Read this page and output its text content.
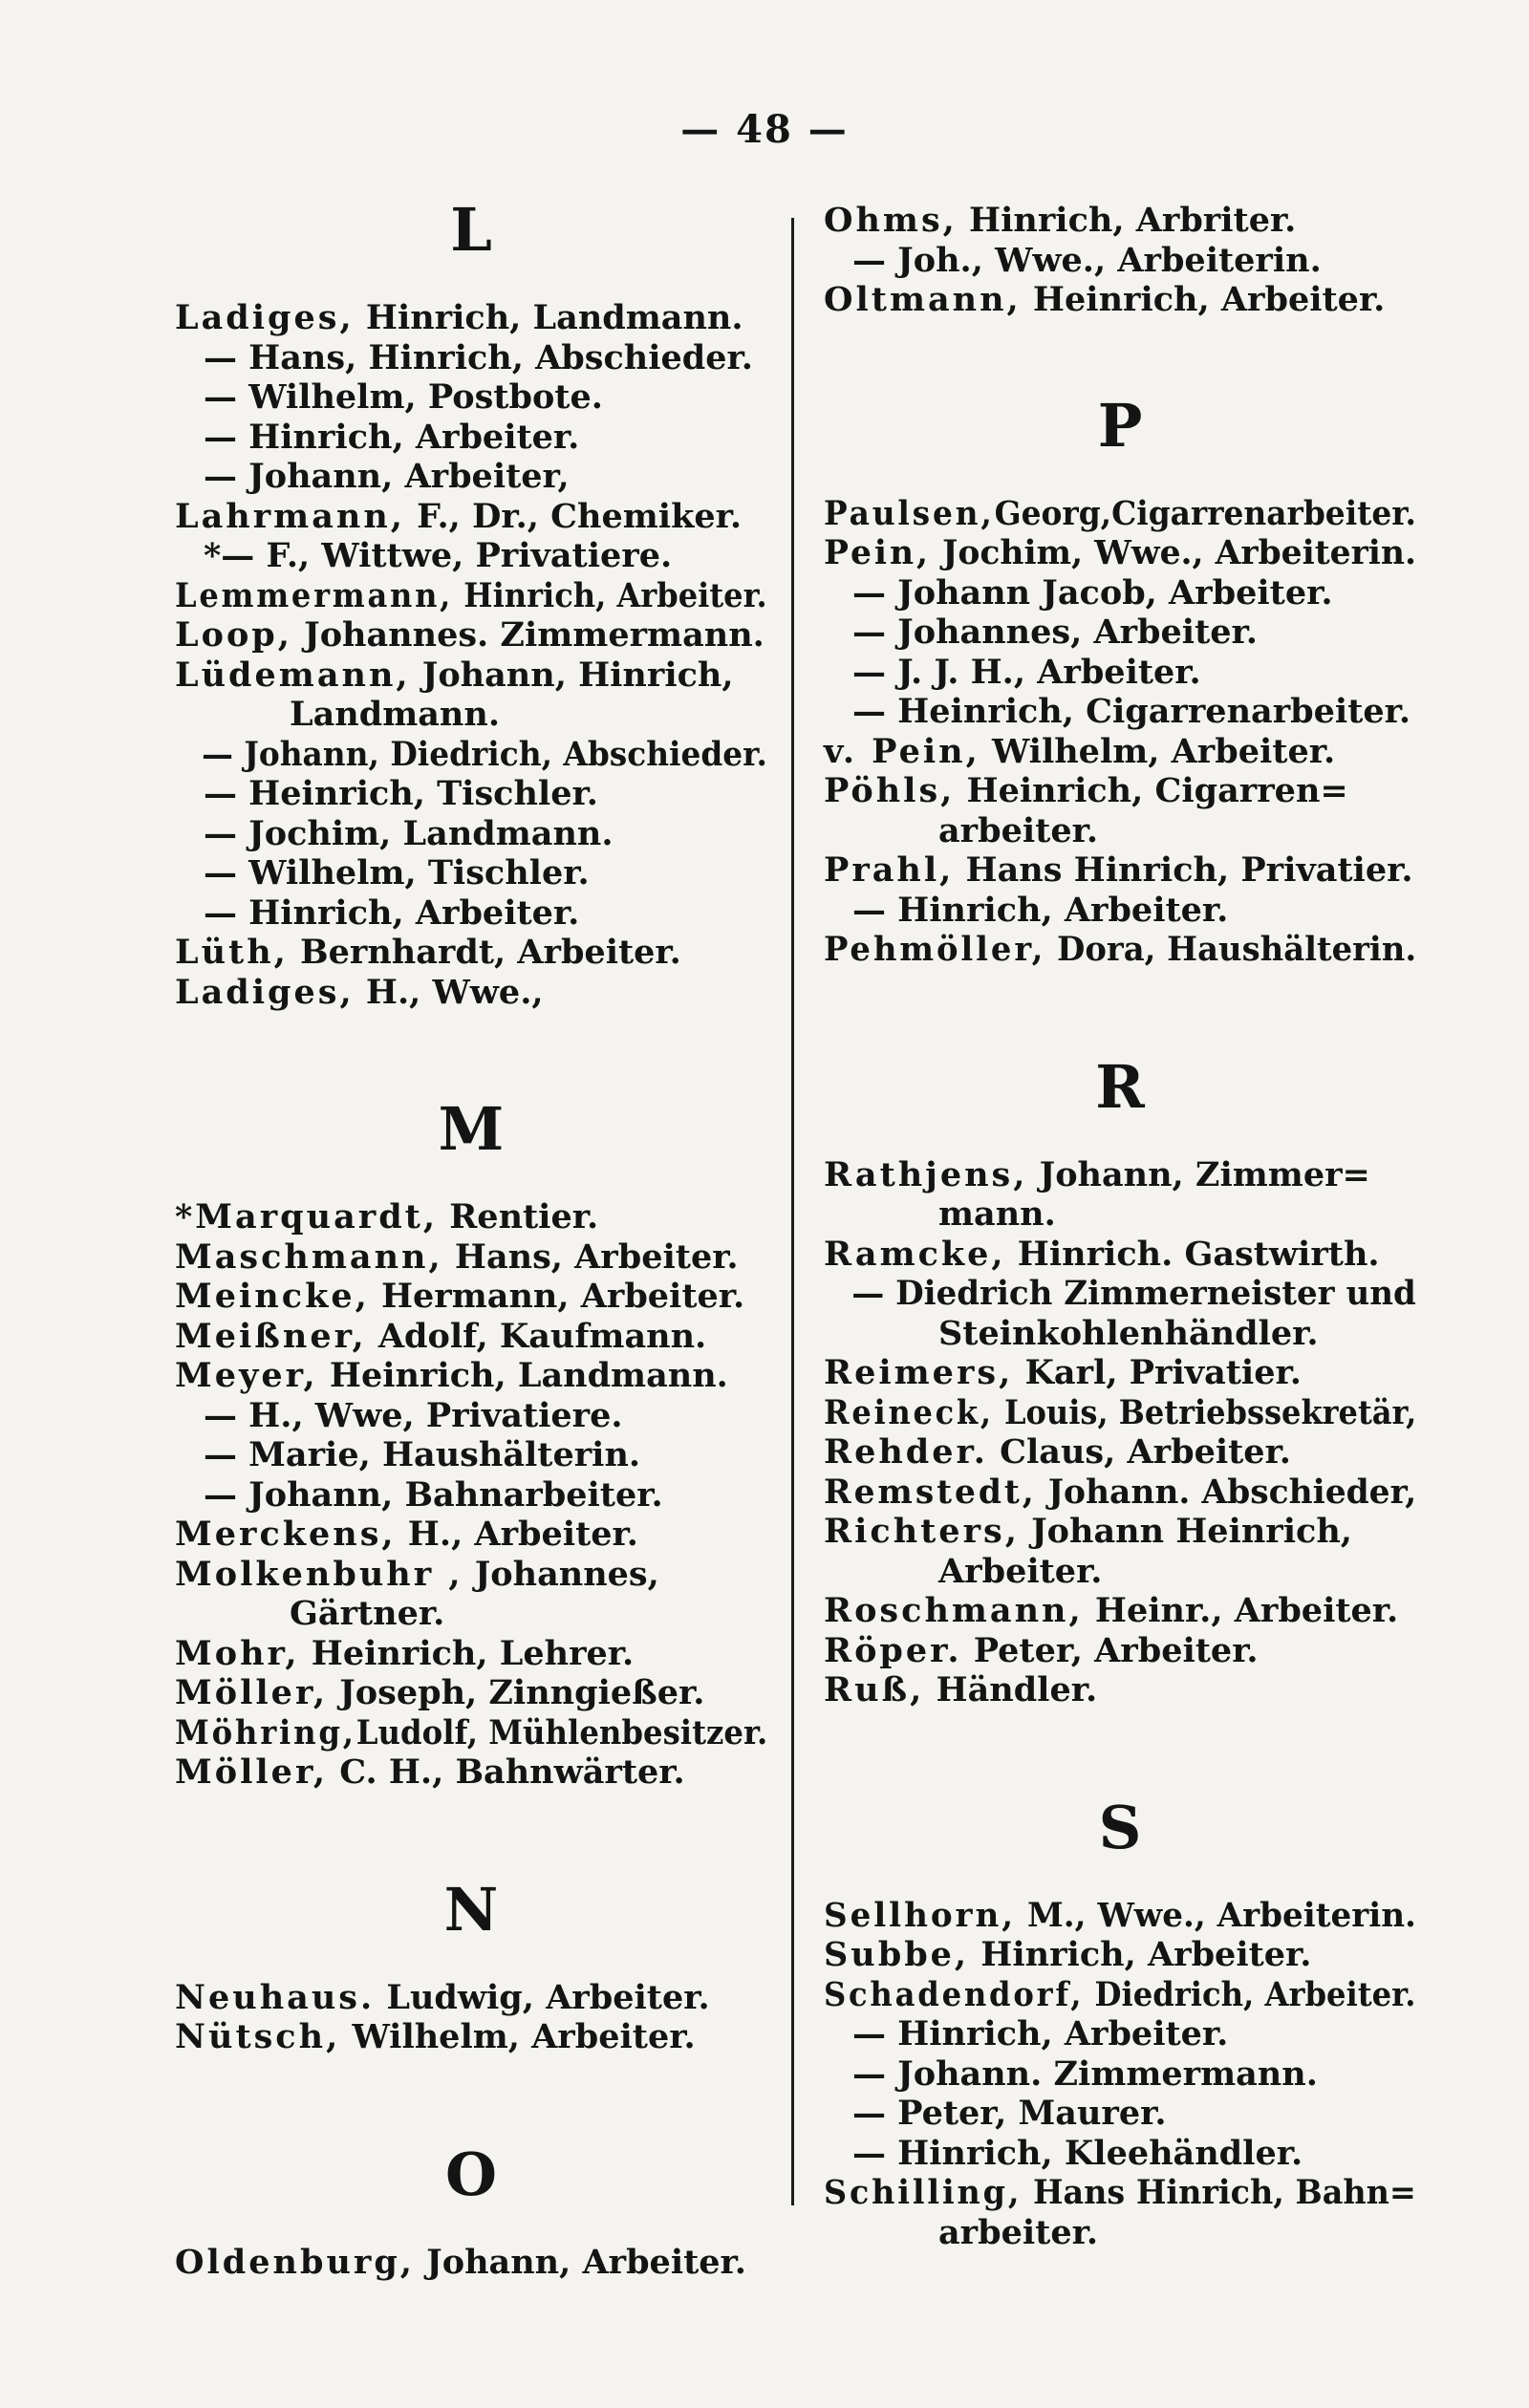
— 48 —
L
Ladiges, Hinrich, Landmann.
— Hans, Hinrich, Abschieder.
— Wilhelm, Postbote.
— Hinrich, Arbeiter.
— Johann, Arbeiter,
Lahrmann, F., Dr., Chemiker.
*— F., Wittwe, Privatiere.
Lemmermann, Hinrich, Arbeiter.
Loop, Johannes. Zimmermann.
Lüdemann, Johann, Hinrich,
Landmann.
— Johann, Diedrich, Abschieder.
— Heinrich, Tischler.
— Jochim, Landmann.
— Wilhelm, Tischler.
— Hinrich, Arbeiter.
Lüth, Bernhardt, Arbeiter.
Ladiges, H., Wwe.,
M
*Marquardt, Rentier.
Maschmann, Hans, Arbeiter.
Meincke, Hermann, Arbeiter.
Meißner, Adolf, Kaufmann.
Meyer, Heinrich, Landmann.
— H., Wwe, Privatiere.
— Marie, Haushälterin.
— Johann, Bahnarbeiter.
Merckens, H., Arbeiter.
Molkenbuhr , Johannes,
Gärtner.
Mohr, Heinrich, Lehrer.
Möller, Joseph, Zinngießer.
Möhring,Ludolf, Mühlenbesitzer.
Möller, C. H., Bahnwärter.
N
Neuhaus. Ludwig, Arbeiter.
Nütsch, Wilhelm, Arbeiter.
O
Oldenburg, Johann, Arbeiter.
Ohms, Hinrich, Arbriter.
— Joh., Wwe., Arbeiterin.
Oltmann, Heinrich, Arbeiter.
P
Paulsen,Georg,Cigarrenarbeiter.
Pein, Jochim, Wwe., Arbeiterin.
— Johann Jacob, Arbeiter.
— Johannes, Arbeiter.
— J. J. H., Arbeiter.
— Heinrich, Cigarrenarbeiter.
v. Pein, Wilhelm, Arbeiter.
Pöhls, Heinrich, Cigarren=
arbeiter.
Prahl, Hans Hinrich, Privatier.
— Hinrich, Arbeiter.
Pehmöller, Dora, Haushälterin.
R
Rathjens, Johann, Zimmer=
mann.
Ramcke, Hinrich. Gastwirth.
— Diedrich Zimmerneister und
Steinkohlenhändler.
Reimers, Karl, Privatier.
Reineck, Louis, Betriebssekretär,
Rehder. Claus, Arbeiter.
Remstedt, Johann. Abschieder,
Richters, Johann Heinrich,
Arbeiter.
Roschmann, Heinr., Arbeiter.
Röper. Peter, Arbeiter.
Ruß, Händler.
S
Sellhorn, M., Wwe., Arbeiterin.
Subbe, Hinrich, Arbeiter.
Schadendorf, Diedrich, Arbeiter.
— Hinrich, Arbeiter.
— Johann. Zimmermann.
— Peter, Maurer.
— Hinrich, Kleehändler.
Schilling, Hans Hinrich, Bahn=
arbeiter.
